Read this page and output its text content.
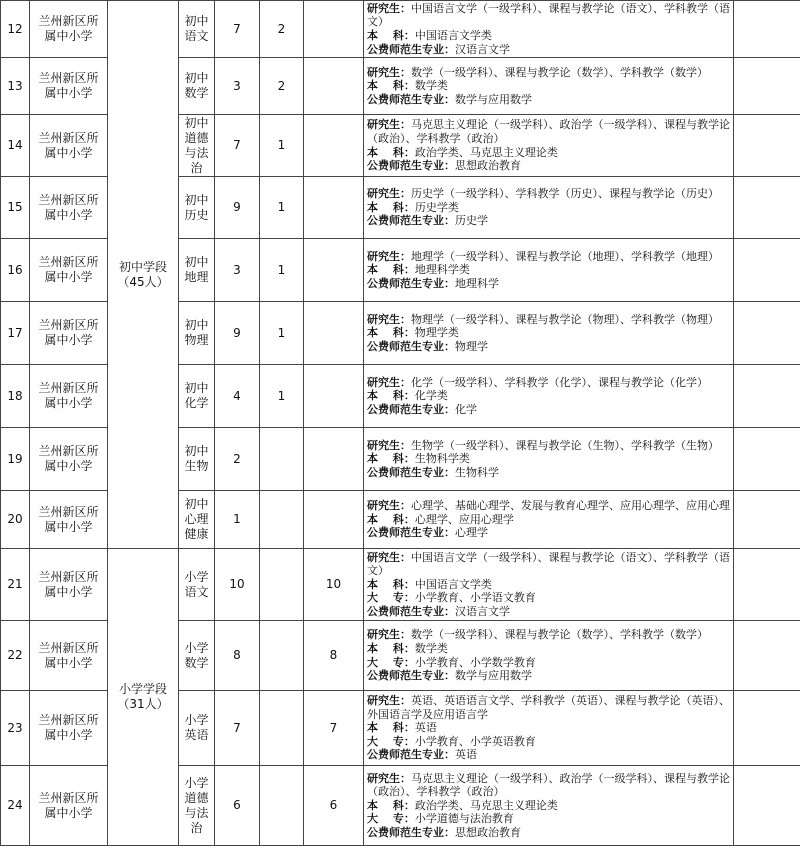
12	兰州新区所属中小学	初中学段（45人）	初中语文	7	2		研究生：中国语言文学（一级学科）、课程与教学论（语文）、学科教学（语文）
本　 科：中国语言文学类
公费师范生专业：汉语言文学	

13	兰州新区所属中小学		初中数学	3	2		研究生：数学（一级学科）、课程与教学论（数学）、学科教学（数学）
本　 科：数学类
公费师范生专业：数学与应用数学	

14	兰州新区所属中小学		初中道德与法治	7	1		研究生：马克思主义理论（一级学科）、政治学（一级学科）、课程与教学论（政治）、学科教学（政治）
本　 科：政治学类、马克思主义理论类
公费师范生专业：思想政治教育	

15	兰州新区所属中小学		初中历史	9	1		研究生：历史学（一级学科）、学科教学（历史）、课程与教学论（历史）
本　 科：历史学类
公费师范生专业：历史学	

16	兰州新区所属中小学		初中地理	3	1		研究生：地理学（一级学科）、课程与教学论（地理）、学科教学（地理）
本　 科：地理科学类
公费师范生专业：地理科学	

17	兰州新区所属中小学		初中物理	9	1		研究生：物理学（一级学科）、课程与教学论（物理）、学科教学（物理）
本　 科：物理学类
公费师范生专业：物理学	

18	兰州新区所属中小学		初中化学	4	1		研究生：化学（一级学科）、学科教学（化学）、课程与教学论（化学）
本　 科：化学类
公费师范生专业：化学	

19	兰州新区所属中小学		初中生物	2			研究生：生物学（一级学科）、课程与教学论（生物）、学科教学（生物）
本　 科：生物科学类
公费师范生专业：生物科学	

20	兰州新区所属中小学		初中心理健康	1			研究生：心理学、基础心理学、发展与教育心理学、应用心理学、应用心理
本　 科：心理学、应用心理学
公费师范生专业：心理学	

21	兰州新区所属中小学	小学学段（31人）	小学语文	10		10	研究生：中国语言文学（一级学科）、课程与教学论（语文）、学科教学（语文）
本　 科：中国语言文学类
大　 专：小学教育、小学语文教育
公费师范生专业：汉语言文学	

22	兰州新区所属中小学		小学数学	8		8	研究生：数学（一级学科）、课程与教学论（数学）、学科教学（数学）
本　 科：数学类
大　 专：小学教育、小学数学教育
公费师范生专业：数学与应用数学	

23	兰州新区所属中小学		小学英语	7		7	研究生：英语、英语语言文学、学科教学（英语）、课程与教学论（英语）、外国语言学及应用语言学
本　 科：英语
大　 专：小学教育、小学英语教育
公费师范生专业：英语	

24	兰州新区所属中小学		小学道德与法治	6		6	研究生：马克思主义理论（一级学科）、政治学（一级学科）、课程与教学论（政治）、学科教学（政治）
本　 科：政治学类、马克思主义理论类
大　 专：小学道德与法治教育
公费师范生专业：思想政治教育	
